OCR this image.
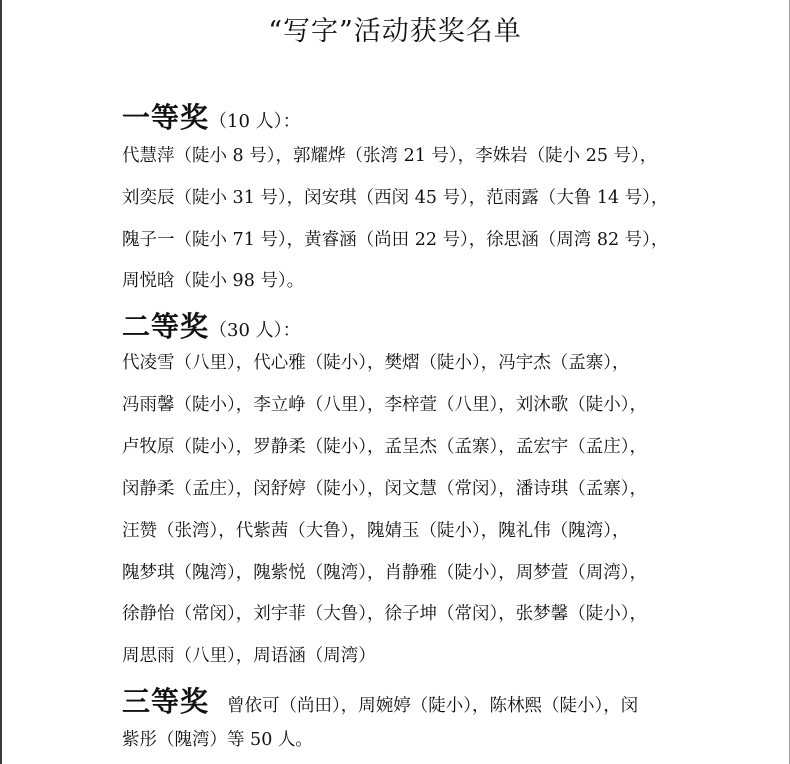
“写字”活动获奖名单
一等奖（10 人）：
代慧萍（陡小 8 号），郭耀烨（张湾 21 号），李姝岩（陡小 25 号），
刘奕辰（陡小 31 号），闵安琪（西闵 45 号），范雨露（大鲁 14 号），
隗子一（陡小 71 号），黄睿涵（尚田 22 号），徐思涵（周湾 82 号），
周悦晗（陡小 98 号）。
二等奖（30 人）：
代凌雪（八里），代心雅（陡小），樊熠（陡小），冯宇杰（孟寨），
冯雨馨（陡小），李立峥（八里），李梓萱（八里），刘沐歌（陡小），
卢牧原（陡小），罗静柔（陡小），孟呈杰（孟寨），孟宏宇（孟庄），
闵静柔（孟庄），闵舒婷（陡小），闵文慧（常闵），潘诗琪（孟寨），
汪赞（张湾），代紫茜（大鲁），隗婧玉（陡小），隗礼伟（隗湾），
隗梦琪（隗湾），隗紫悦（隗湾），肖静雅（陡小），周梦萱（周湾），
徐静怡（常闵），刘宇菲（大鲁），徐子坤（常闵），张梦馨（陡小），
周思雨（八里），周语涵（周湾）
三等奖 曾依可（尚田），周婉婷（陡小），陈林熙（陡小），闵
紫彤（隗湾）等 50 人。
